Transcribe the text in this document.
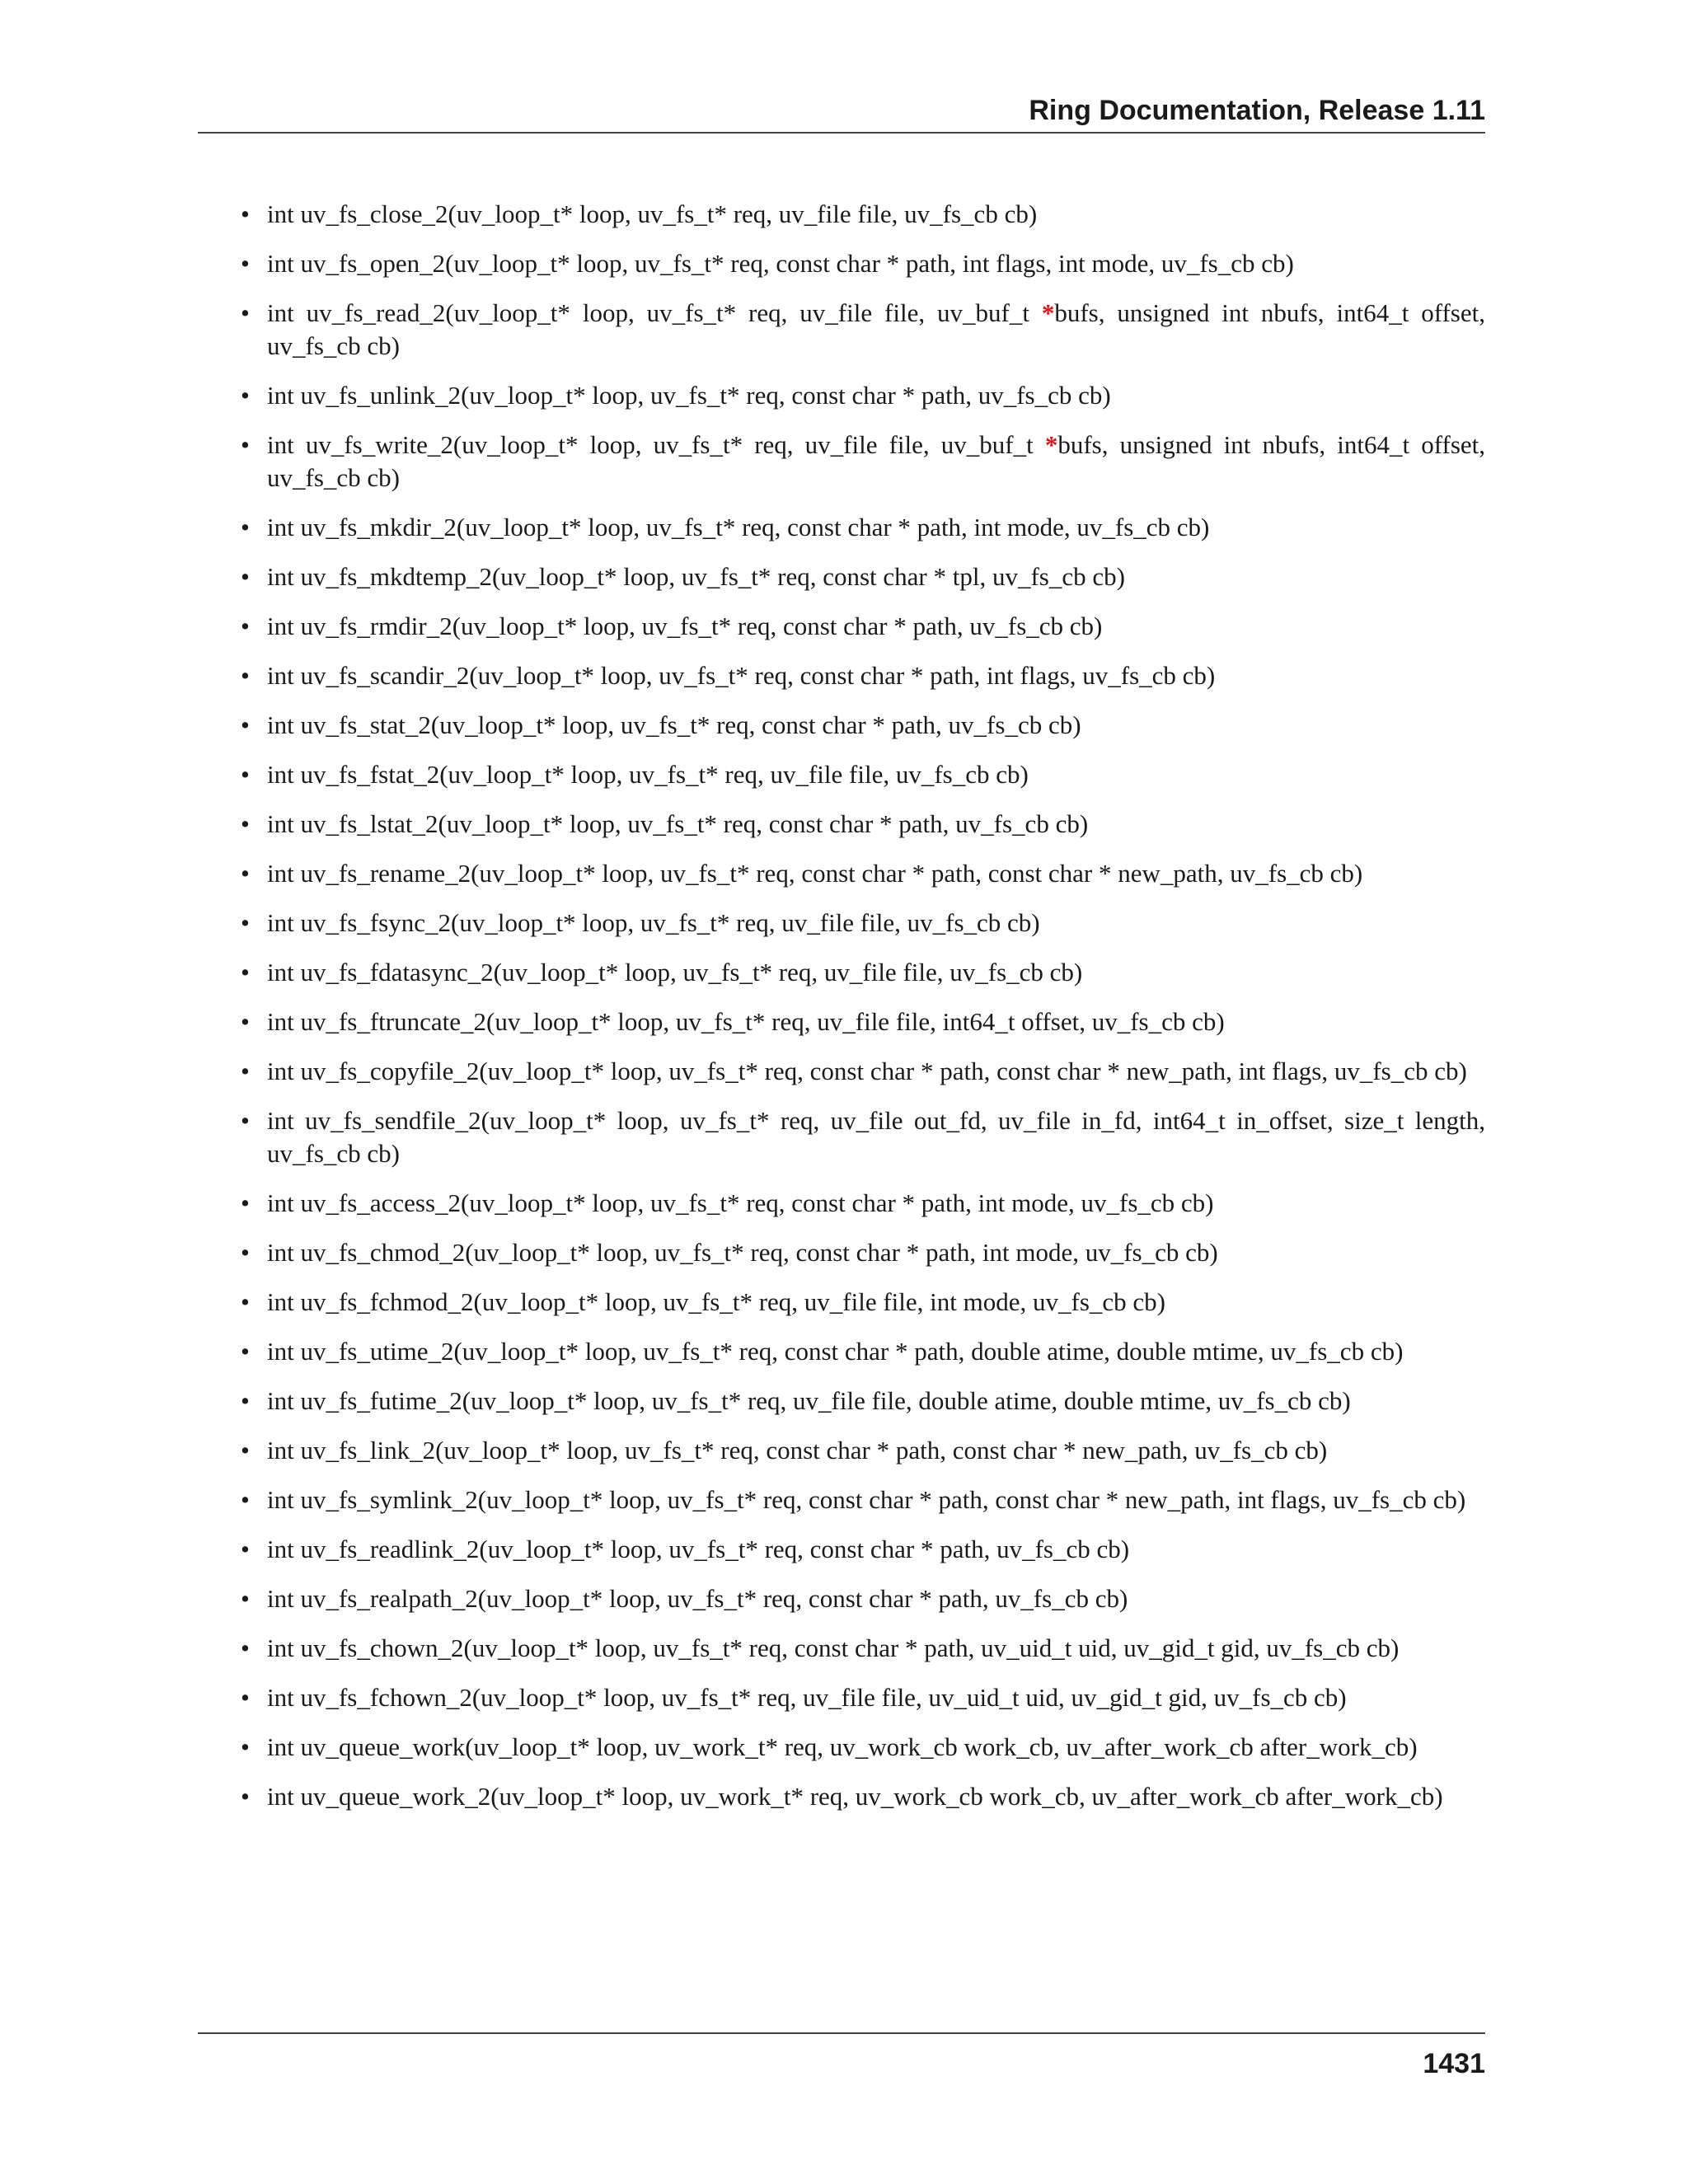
Ring Documentation, Release 1.11
• int uv_fs_close_2(uv_loop_t* loop, uv_fs_t* req, uv_file file, uv_fs_cb cb)
• int uv_fs_open_2(uv_loop_t* loop, uv_fs_t* req, const char * path, int flags, int mode, uv_fs_cb cb)
• int uv_fs_read_2(uv_loop_t* loop, uv_fs_t* req, uv_file file, uv_buf_t *bufs, unsigned int nbufs, int64_t offset, uv_fs_cb cb)
• int uv_fs_unlink_2(uv_loop_t* loop, uv_fs_t* req, const char * path, uv_fs_cb cb)
• int uv_fs_write_2(uv_loop_t* loop, uv_fs_t* req, uv_file file, uv_buf_t *bufs, unsigned int nbufs, int64_t offset, uv_fs_cb cb)
• int uv_fs_mkdir_2(uv_loop_t* loop, uv_fs_t* req, const char * path, int mode, uv_fs_cb cb)
• int uv_fs_mkdtemp_2(uv_loop_t* loop, uv_fs_t* req, const char * tpl, uv_fs_cb cb)
• int uv_fs_rmdir_2(uv_loop_t* loop, uv_fs_t* req, const char * path, uv_fs_cb cb)
• int uv_fs_scandir_2(uv_loop_t* loop, uv_fs_t* req, const char * path, int flags, uv_fs_cb cb)
• int uv_fs_stat_2(uv_loop_t* loop, uv_fs_t* req, const char * path, uv_fs_cb cb)
• int uv_fs_fstat_2(uv_loop_t* loop, uv_fs_t* req, uv_file file, uv_fs_cb cb)
• int uv_fs_lstat_2(uv_loop_t* loop, uv_fs_t* req, const char * path, uv_fs_cb cb)
• int uv_fs_rename_2(uv_loop_t* loop, uv_fs_t* req, const char * path, const char * new_path, uv_fs_cb cb)
• int uv_fs_fsync_2(uv_loop_t* loop, uv_fs_t* req, uv_file file, uv_fs_cb cb)
• int uv_fs_fdatasync_2(uv_loop_t* loop, uv_fs_t* req, uv_file file, uv_fs_cb cb)
• int uv_fs_ftruncate_2(uv_loop_t* loop, uv_fs_t* req, uv_file file, int64_t offset, uv_fs_cb cb)
• int uv_fs_copyfile_2(uv_loop_t* loop, uv_fs_t* req, const char * path, const char * new_path, int flags, uv_fs_cb cb)
• int uv_fs_sendfile_2(uv_loop_t* loop, uv_fs_t* req, uv_file out_fd, uv_file in_fd, int64_t in_offset, size_t length, uv_fs_cb cb)
• int uv_fs_access_2(uv_loop_t* loop, uv_fs_t* req, const char * path, int mode, uv_fs_cb cb)
• int uv_fs_chmod_2(uv_loop_t* loop, uv_fs_t* req, const char * path, int mode, uv_fs_cb cb)
• int uv_fs_fchmod_2(uv_loop_t* loop, uv_fs_t* req, uv_file file, int mode, uv_fs_cb cb)
• int uv_fs_utime_2(uv_loop_t* loop, uv_fs_t* req, const char * path, double atime, double mtime, uv_fs_cb cb)
• int uv_fs_futime_2(uv_loop_t* loop, uv_fs_t* req, uv_file file, double atime, double mtime, uv_fs_cb cb)
• int uv_fs_link_2(uv_loop_t* loop, uv_fs_t* req, const char * path, const char * new_path, uv_fs_cb cb)
• int uv_fs_symlink_2(uv_loop_t* loop, uv_fs_t* req, const char * path, const char * new_path, int flags, uv_fs_cb cb)
• int uv_fs_readlink_2(uv_loop_t* loop, uv_fs_t* req, const char * path, uv_fs_cb cb)
• int uv_fs_realpath_2(uv_loop_t* loop, uv_fs_t* req, const char * path, uv_fs_cb cb)
• int uv_fs_chown_2(uv_loop_t* loop, uv_fs_t* req, const char * path, uv_uid_t uid, uv_gid_t gid, uv_fs_cb cb)
• int uv_fs_fchown_2(uv_loop_t* loop, uv_fs_t* req, uv_file file, uv_uid_t uid, uv_gid_t gid, uv_fs_cb cb)
• int uv_queue_work(uv_loop_t* loop, uv_work_t* req, uv_work_cb work_cb, uv_after_work_cb after_work_cb)
• int uv_queue_work_2(uv_loop_t* loop, uv_work_t* req, uv_work_cb work_cb, uv_after_work_cb after_work_cb)
1431
